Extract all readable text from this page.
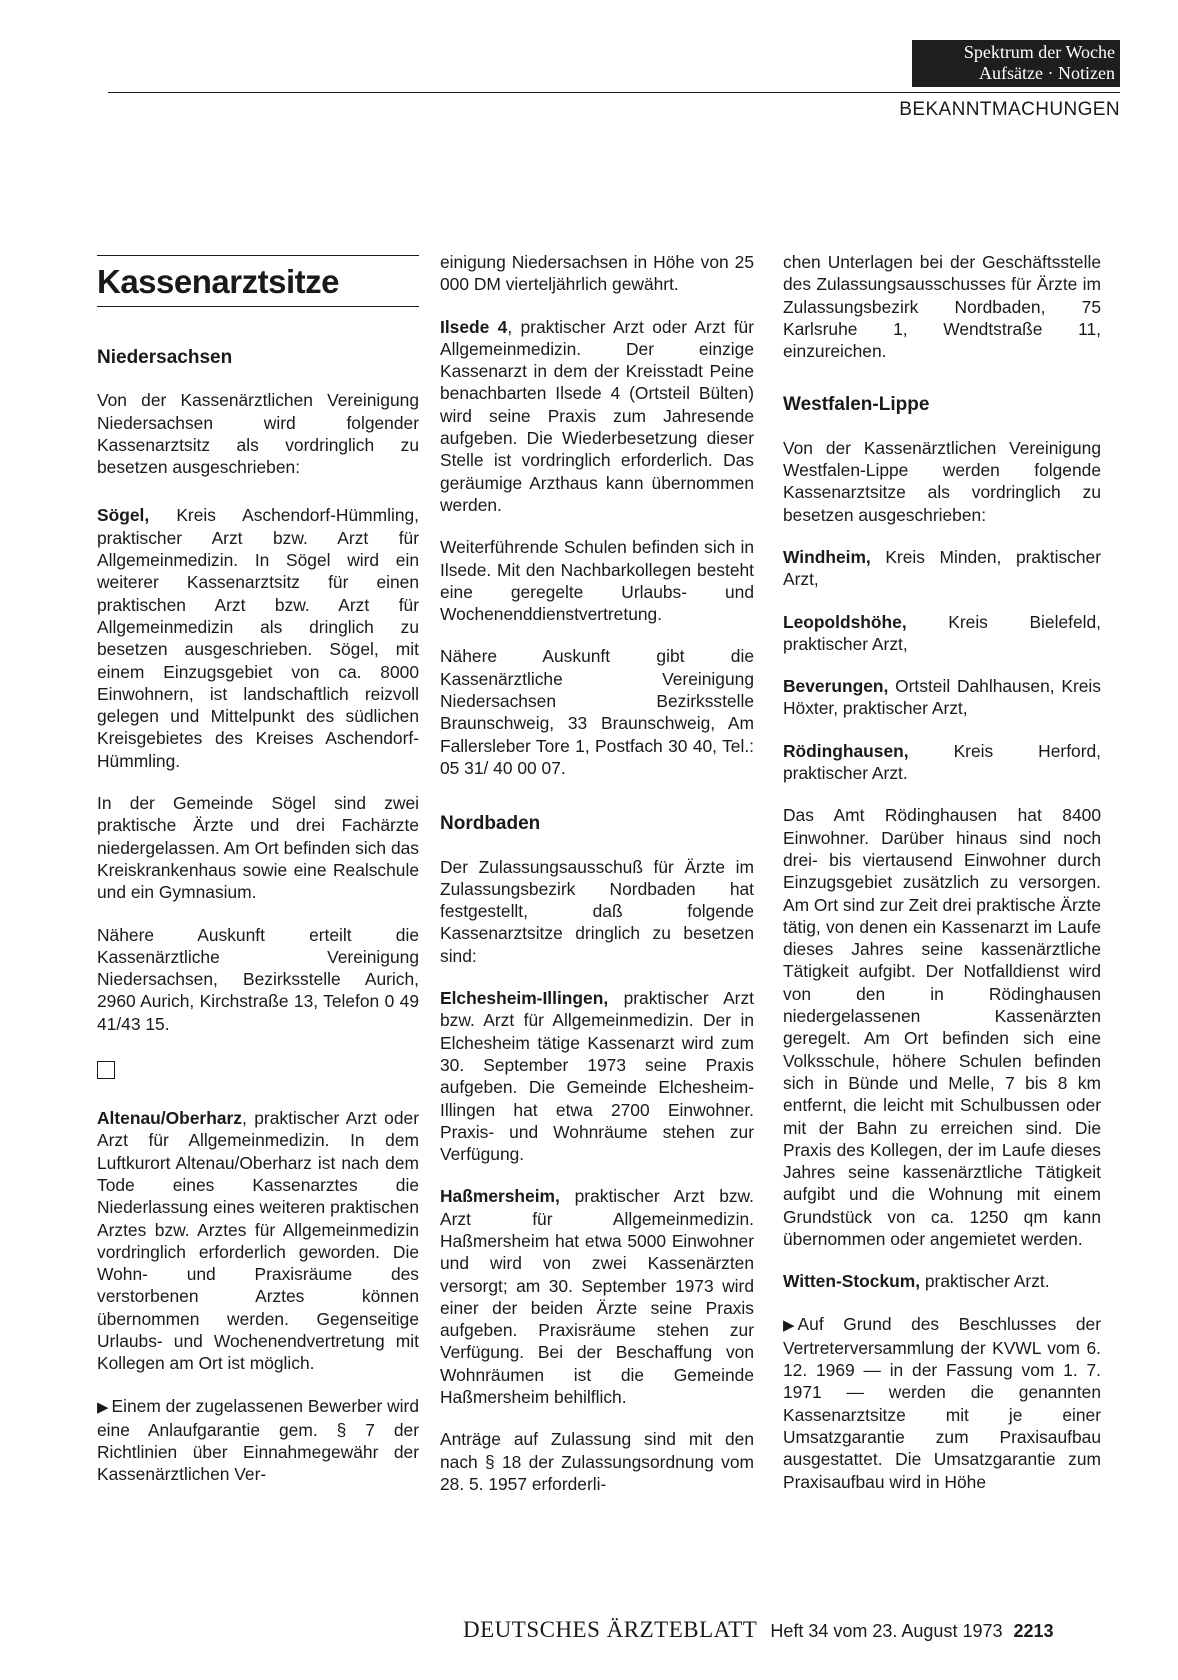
Spektrum der Woche
Aufsätze · Notizen
BEKANNTMACHUNGEN
Kassenarztsitze
Niedersachsen

Von der Kassenärztlichen Vereinigung Niedersachsen wird folgender Kassenarztsitz als vordringlich zu besetzen ausgeschrieben:

Sögel, Kreis Aschendorf-Hümmling, praktischer Arzt bzw. Arzt für Allgemeinmedizin. In Sögel wird ein weiterer Kassenarztsitz für einen praktischen Arzt bzw. Arzt für Allgemeinmedizin als dringlich zu besetzen ausgeschrieben. Sögel, mit einem Einzugsgebiet von ca. 8000 Einwohnern, ist landschaftlich reizvoll gelegen und Mittelpunkt des südlichen Kreisgebietes des Kreises Aschendorf-Hümmling.

In der Gemeinde Sögel sind zwei praktische Ärzte und drei Fachärzte niedergelassen. Am Ort befinden sich das Kreiskrankenhaus sowie eine Realschule und ein Gymnasium.

Nähere Auskunft erteilt die Kassenärztliche Vereinigung Niedersachsen, Bezirksstelle Aurich, 2960 Aurich, Kirchstraße 13, Telefon 0 49 41/43 15.

Altenau/Oberharz, praktischer Arzt oder Arzt für Allgemeinmedizin. In dem Luftkurort Altenau/Oberharz ist nach dem Tode eines Kassenarztes die Niederlassung eines weiteren praktischen Arztes bzw. Arztes für Allgemeinmedizin vordringlich erforderlich geworden. Die Wohn- und Praxisräume des verstorbenen Arztes können übernommen werden. Gegenseitige Urlaubs- und Wochenendvertretung mit Kollegen am Ort ist möglich.

▶ Einem der zugelassenen Bewerber wird eine Anlaufgarantie gem. § 7 der Richtlinien über Einnahmegewähr der Kassenärztlichen Ver-

einigung Niedersachsen in Höhe von 25 000 DM vierteljährlich gewährt.

Ilsede 4, praktischer Arzt oder Arzt für Allgemeinmedizin. Der einzige Kassenarzt in dem der Kreisstadt Peine benachbarten Ilsede 4 (Ortsteil Bülten) wird seine Praxis zum Jahresende aufgeben. Die Wiederbesetzung dieser Stelle ist vordringlich erforderlich. Das geräumige Arzthaus kann übernommen werden.

Weiterführende Schulen befinden sich in Ilsede. Mit den Nachbarkollegen besteht eine geregelte Urlaubs- und Wochenenddienstvertretung.

Nähere Auskunft gibt die Kassenärztliche Vereinigung Niedersachsen Bezirksstelle Braunschweig, 33 Braunschweig, Am Fallersleber Tore 1, Postfach 30 40, Tel.: 05 31/ 40 00 07.

Nordbaden

Der Zulassungsausschuß für Ärzte im Zulassungsbezirk Nordbaden hat festgestellt, daß folgende Kassenarztsitze dringlich zu besetzen sind:

Elchesheim-Illingen, praktischer Arzt bzw. Arzt für Allgemeinmedizin. Der in Elchesheim tätige Kassenarzt wird zum 30. September 1973 seine Praxis aufgeben. Die Gemeinde Elchesheim-Illingen hat etwa 2700 Einwohner. Praxis- und Wohnräume stehen zur Verfügung.

Haßmersheim, praktischer Arzt bzw. Arzt für Allgemeinmedizin. Haßmersheim hat etwa 5000 Einwohner und wird von zwei Kassenärzten versorgt; am 30. September 1973 wird einer der beiden Ärzte seine Praxis aufgeben. Praxisräume stehen zur Verfügung. Bei der Beschaffung von Wohnräumen ist die Gemeinde Haßmersheim behilflich.

Anträge auf Zulassung sind mit den nach § 18 der Zulassungsordnung vom 28. 5. 1957 erforderli-

chen Unterlagen bei der Geschäftsstelle des Zulassungsausschusses für Ärzte im Zulassungsbezirk Nordbaden, 75 Karlsruhe 1, Wendtstraße 11, einzureichen.

Westfalen-Lippe

Von der Kassenärztlichen Vereinigung Westfalen-Lippe werden folgende Kassenarztsitze als vordringlich zu besetzen ausgeschrieben:

Windheim, Kreis Minden, praktischer Arzt,

Leopoldshöhe, Kreis Bielefeld, praktischer Arzt,

Beverungen, Ortsteil Dahlhausen, Kreis Höxter, praktischer Arzt,

Rödinghausen, Kreis Herford, praktischer Arzt.

Das Amt Rödinghausen hat 8400 Einwohner. Darüber hinaus sind noch drei- bis viertausend Einwohner durch Einzugsgebiet zusätzlich zu versorgen. Am Ort sind zur Zeit drei praktische Ärzte tätig, von denen ein Kassenarzt im Laufe dieses Jahres seine kassenärztliche Tätigkeit aufgibt. Der Notfalldienst wird von den in Rödinghausen niedergelassenen Kassenärzten geregelt. Am Ort befinden sich eine Volksschule, höhere Schulen befinden sich in Bünde und Melle, 7 bis 8 km entfernt, die leicht mit Schulbussen oder mit der Bahn zu erreichen sind. Die Praxis des Kollegen, der im Laufe dieses Jahres seine kassenärztliche Tätigkeit aufgibt und die Wohnung mit einem Grundstück von ca. 1250 qm kann übernommen oder angemietet werden.

Witten-Stockum, praktischer Arzt.

▶ Auf Grund des Beschlusses der Vertreterversammlung der KVWL vom 6. 12. 1969 — in der Fassung vom 1. 7. 1971 — werden die genannten Kassenarztsitze mit je einer Umsatzgarantie zum Praxisaufbau ausgestattet. Die Umsatzgarantie zum Praxisaufbau wird in Höhe

DEUTSCHES ÄRZTEBLATT Heft 34 vom 23. August 1973 2213
